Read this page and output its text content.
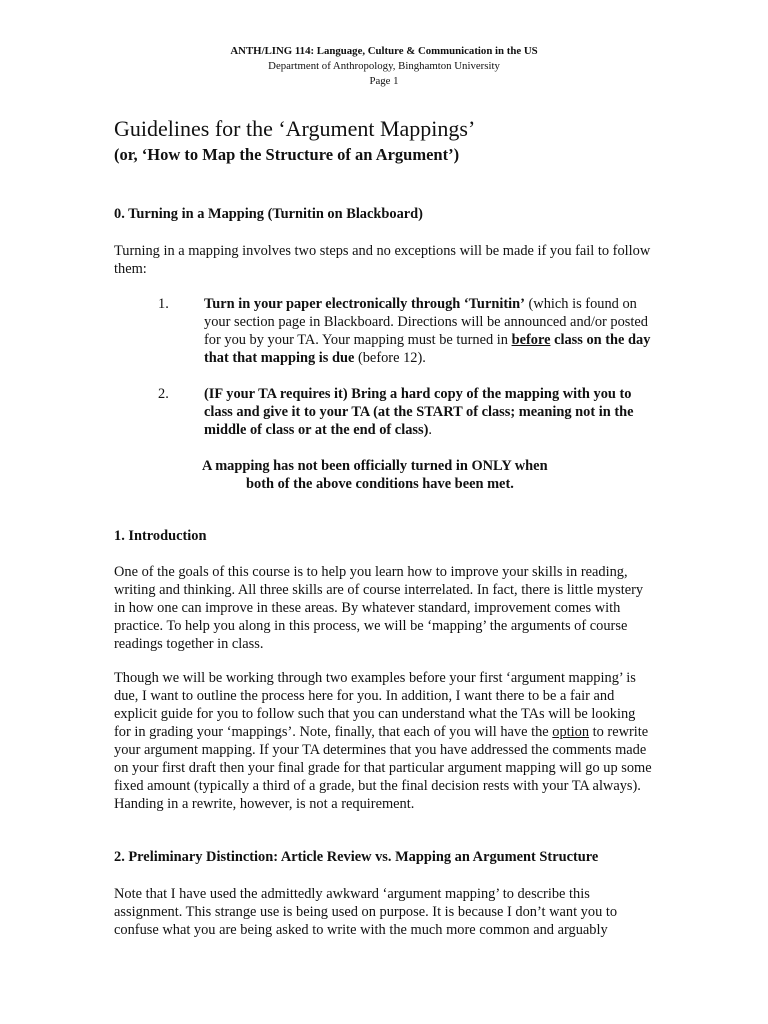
ANTH/LING 114: Language, Culture & Communication in the US

Department of Anthropology, Binghamton University

Page 1

Guidelines for the ‘Argument Mappings’
(or, ‘How to Map the Structure of an Argument’)
0. Turning in a Mapping (Turnitin on Blackboard)

Turning in a mapping involves two steps and no exceptions will be made if you fail to follow them:

1.	Turn in your paper electronically through ‘Turnitin’ (which is found on your section page in Blackboard. Directions will be announced and/or posted for you by your TA. Your mapping must be turned in before class on the day that that mapping is due (before 12).

2.	(IF your TA requires it) Bring a hard copy of the mapping with you to class and give it to your TA (at the START of class; meaning not in the middle of class or at the end of class).

A mapping has not been officially turned in ONLY when

both of the above conditions have been met.

1. Introduction

One of the goals of this course is to help you learn how to improve your skills in reading, writing and thinking. All three skills are of course interrelated. In fact, there is little mystery in how one can improve in these areas. By whatever standard, improvement comes with practice. To help you along in this process, we will be ‘mapping’ the arguments of course readings together in class.

Though we will be working through two examples before your first ‘argument mapping’ is due, I want to outline the process here for you. In addition, I want there to be a fair and explicit guide for you to follow such that you can understand what the TAs will be looking for in grading your ‘mappings’. Note, finally, that each of you will have the option to rewrite your argument mapping. If your TA determines that you have addressed the comments made on your first draft then your final grade for that particular argument mapping will go up some fixed amount (typically a third of a grade, but the final decision rests with your TA always). Handing in a rewrite, however, is not a requirement.

2. Preliminary Distinction: Article Review vs. Mapping an Argument Structure

Note that I have used the admittedly awkward ‘argument mapping’ to describe this assignment. This strange use is being used on purpose. It is because I don’t want you to confuse what you are being asked to write with the much more common and arguably
